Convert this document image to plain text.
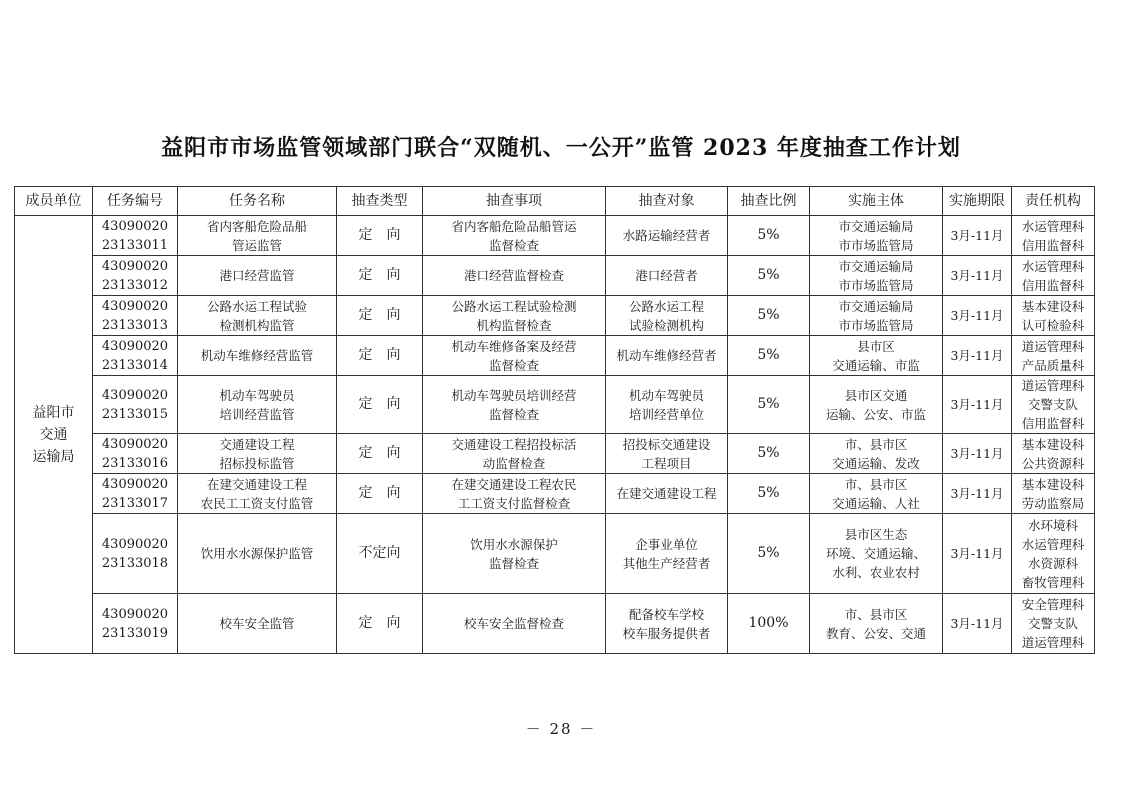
益阳市市场监管领域部门联合“双随机、一公开”监管 2023 年度抽查工作计划
成员单位	任务编号	任务名称	抽查类型	抽查事项	抽查对象	抽查比例	实施主体	实施期限	责任机构

益阳市
交通
运输局	43090020
23133011	省内客船危险品船
管运监管	定　向	省内客船危险品船管运
监督检查	水路运输经营者	5%	市交通运输局
市市场监管局	3月-11月	水运管理科
信用监督科

	43090020
23133012	港口经营监管	定　向	港口经营监督检查	港口经营者	5%	市交通运输局
市市场监管局	3月-11月	水运管理科
信用监督科

	43090020
23133013	公路水运工程试验
检测机构监管	定　向	公路水运工程试验检测
机构监督检查	公路水运工程
试验检测机构	5%	市交通运输局
市市场监管局	3月-11月	基本建设科
认可检验科

	43090020
23133014	机动车维修经营监管	定　向	机动车维修备案及经营
监督检查	机动车维修经营者	5%	县市区
交通运输、市监	3月-11月	道运管理科
产品质量科

	43090020
23133015	机动车驾驶员
培训经营监管	定　向	机动车驾驶员培训经营
监督检查	机动车驾驶员
培训经营单位	5%	县市区交通
运输、公安、市监	3月-11月	道运管理科
交警支队
信用监督科

	43090020
23133016	交通建设工程
招标投标监管	定　向	交通建设工程招投标活
动监督检查	招投标交通建设
工程项目	5%	市、县市区
交通运输、发改	3月-11月	基本建设科
公共资源科

	43090020
23133017	在建交通建设工程
农民工工资支付监管	定　向	在建交通建设工程农民
工工资支付监督检查	在建交通建设工程	5%	市、县市区
交通运输、人社	3月-11月	基本建设科
劳动监察局

	43090020
23133018	饮用水水源保护监管	不定向	饮用水水源保护
监督检查	企事业单位
其他生产经营者	5%	县市区生态
环境、交通运输、
水利、农业农村	3月-11月	水环境科
水运管理科
水资源科
畜牧管理科

	43090020
23133019	校车安全监管	定　向	校车安全监督检查	配备校车学校
校车服务提供者	100%	市、县市区
教育、公安、交通	3月-11月	安全管理科
交警支队
道运管理科
－ 28 －
